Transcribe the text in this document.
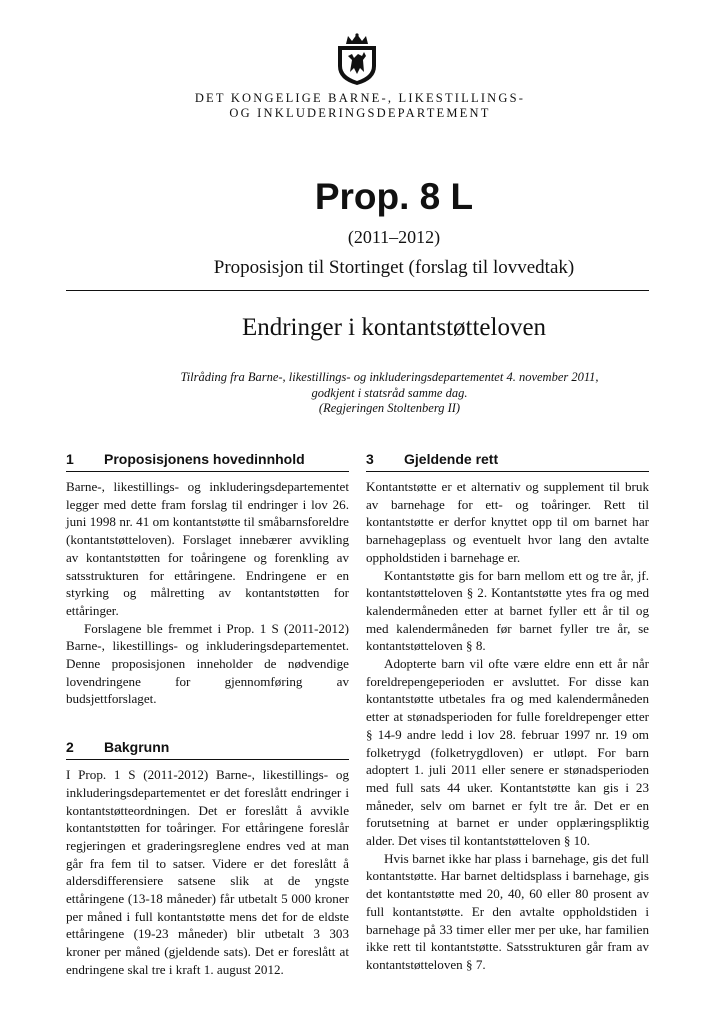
DET KONGELIGE BARNE-, LIKESTILLINGS-
OG INKLUDERINGSDEPARTEMENT
Prop. 8 L
(2011–2012)
Proposisjon til Stortinget (forslag til lovvedtak)
Endringer i kontantstøtteloven
Tilråding fra Barne-, likestillings- og inkluderingsdepartementet 4. november 2011,
godkjent i statsråd samme dag.
(Regjeringen Stoltenberg II)
1	Proposisjonens hovedinnhold

Barne-, likestillings- og inkluderingsdepartementet legger med dette fram forslag til endringer i lov 26. juni 1998 nr. 41 om kontantstøtte til småbarnsforeldre (kontantstøtteloven). Forslaget innebærer avvikling av kontantstøtten for toåringene og forenkling av satsstrukturen for ettåringene. Endringene er en styrking og målretting av kontantstøtten for ettåringer.

Forslagene ble fremmet i Prop. 1 S (2011-2012) Barne-, likestillings- og inkluderingsdepartementet. Denne proposisjonen inneholder de nødvendige lovendringene for gjennomføring av budsjettforslaget.

2	Bakgrunn

I Prop. 1 S (2011-2012) Barne-, likestillings- og inkluderingsdepartementet er det foreslått endringer i kontantstøtteordningen. Det er foreslått å avvikle kontantstøtten for toåringer. For ettåringene foreslår regjeringen et graderingsreglene endres ved at man går fra fem til to satser. Videre er det foreslått å aldersdifferensiere satsene slik at de yngste ettåringene (13-18 måneder) får utbetalt 5 000 kroner per måned i full kontantstøtte mens det for de eldste ettåringene (19-23 måneder) blir utbetalt 3 303 kroner per måned (gjeldende sats). Det er foreslått at endringene skal tre i kraft 1. august 2012.

3	Gjeldende rett

Kontantstøtte er et alternativ og supplement til bruk av barnehage for ett- og toåringer. Rett til kontantstøtte er derfor knyttet opp til om barnet har barnehageplass og eventuelt hvor lang den avtalte oppholdstiden i barnehage er.

Kontantstøtte gis for barn mellom ett og tre år, jf. kontantstøtteloven § 2. Kontantstøtte ytes fra og med kalendermåneden etter at barnet fyller ett år til og med kalendermåneden før barnet fyller tre år, se kontantstøtteloven § 8.

Adopterte barn vil ofte være eldre enn ett år når foreldrepengeperioden er avsluttet. For disse kan kontantstøtte utbetales fra og med kalendermåneden etter at stønadsperioden for fulle foreldrepenger etter § 14-9 andre ledd i lov 28. februar 1997 nr. 19 om folketrygd (folketrygdloven) er utløpt. For barn adoptert 1. juli 2011 eller senere er stønadsperioden med full sats 44 uker. Kontantstøtte kan gis i 23 måneder, selv om barnet er fylt tre år. Det er en forutsetning at barnet er under opplæringspliktig alder. Det vises til kontantstøtteloven § 10.

Hvis barnet ikke har plass i barnehage, gis det full kontantstøtte. Har barnet deltidsplass i barnehage, gis det kontantstøtte med 20, 40, 60 eller 80 prosent av full kontantstøtte. Er den avtalte oppholdstiden i barnehage på 33 timer eller mer per uke, har familien ikke rett til kontantstøtte. Satsstrukturen går fram av kontantstøtteloven § 7.
